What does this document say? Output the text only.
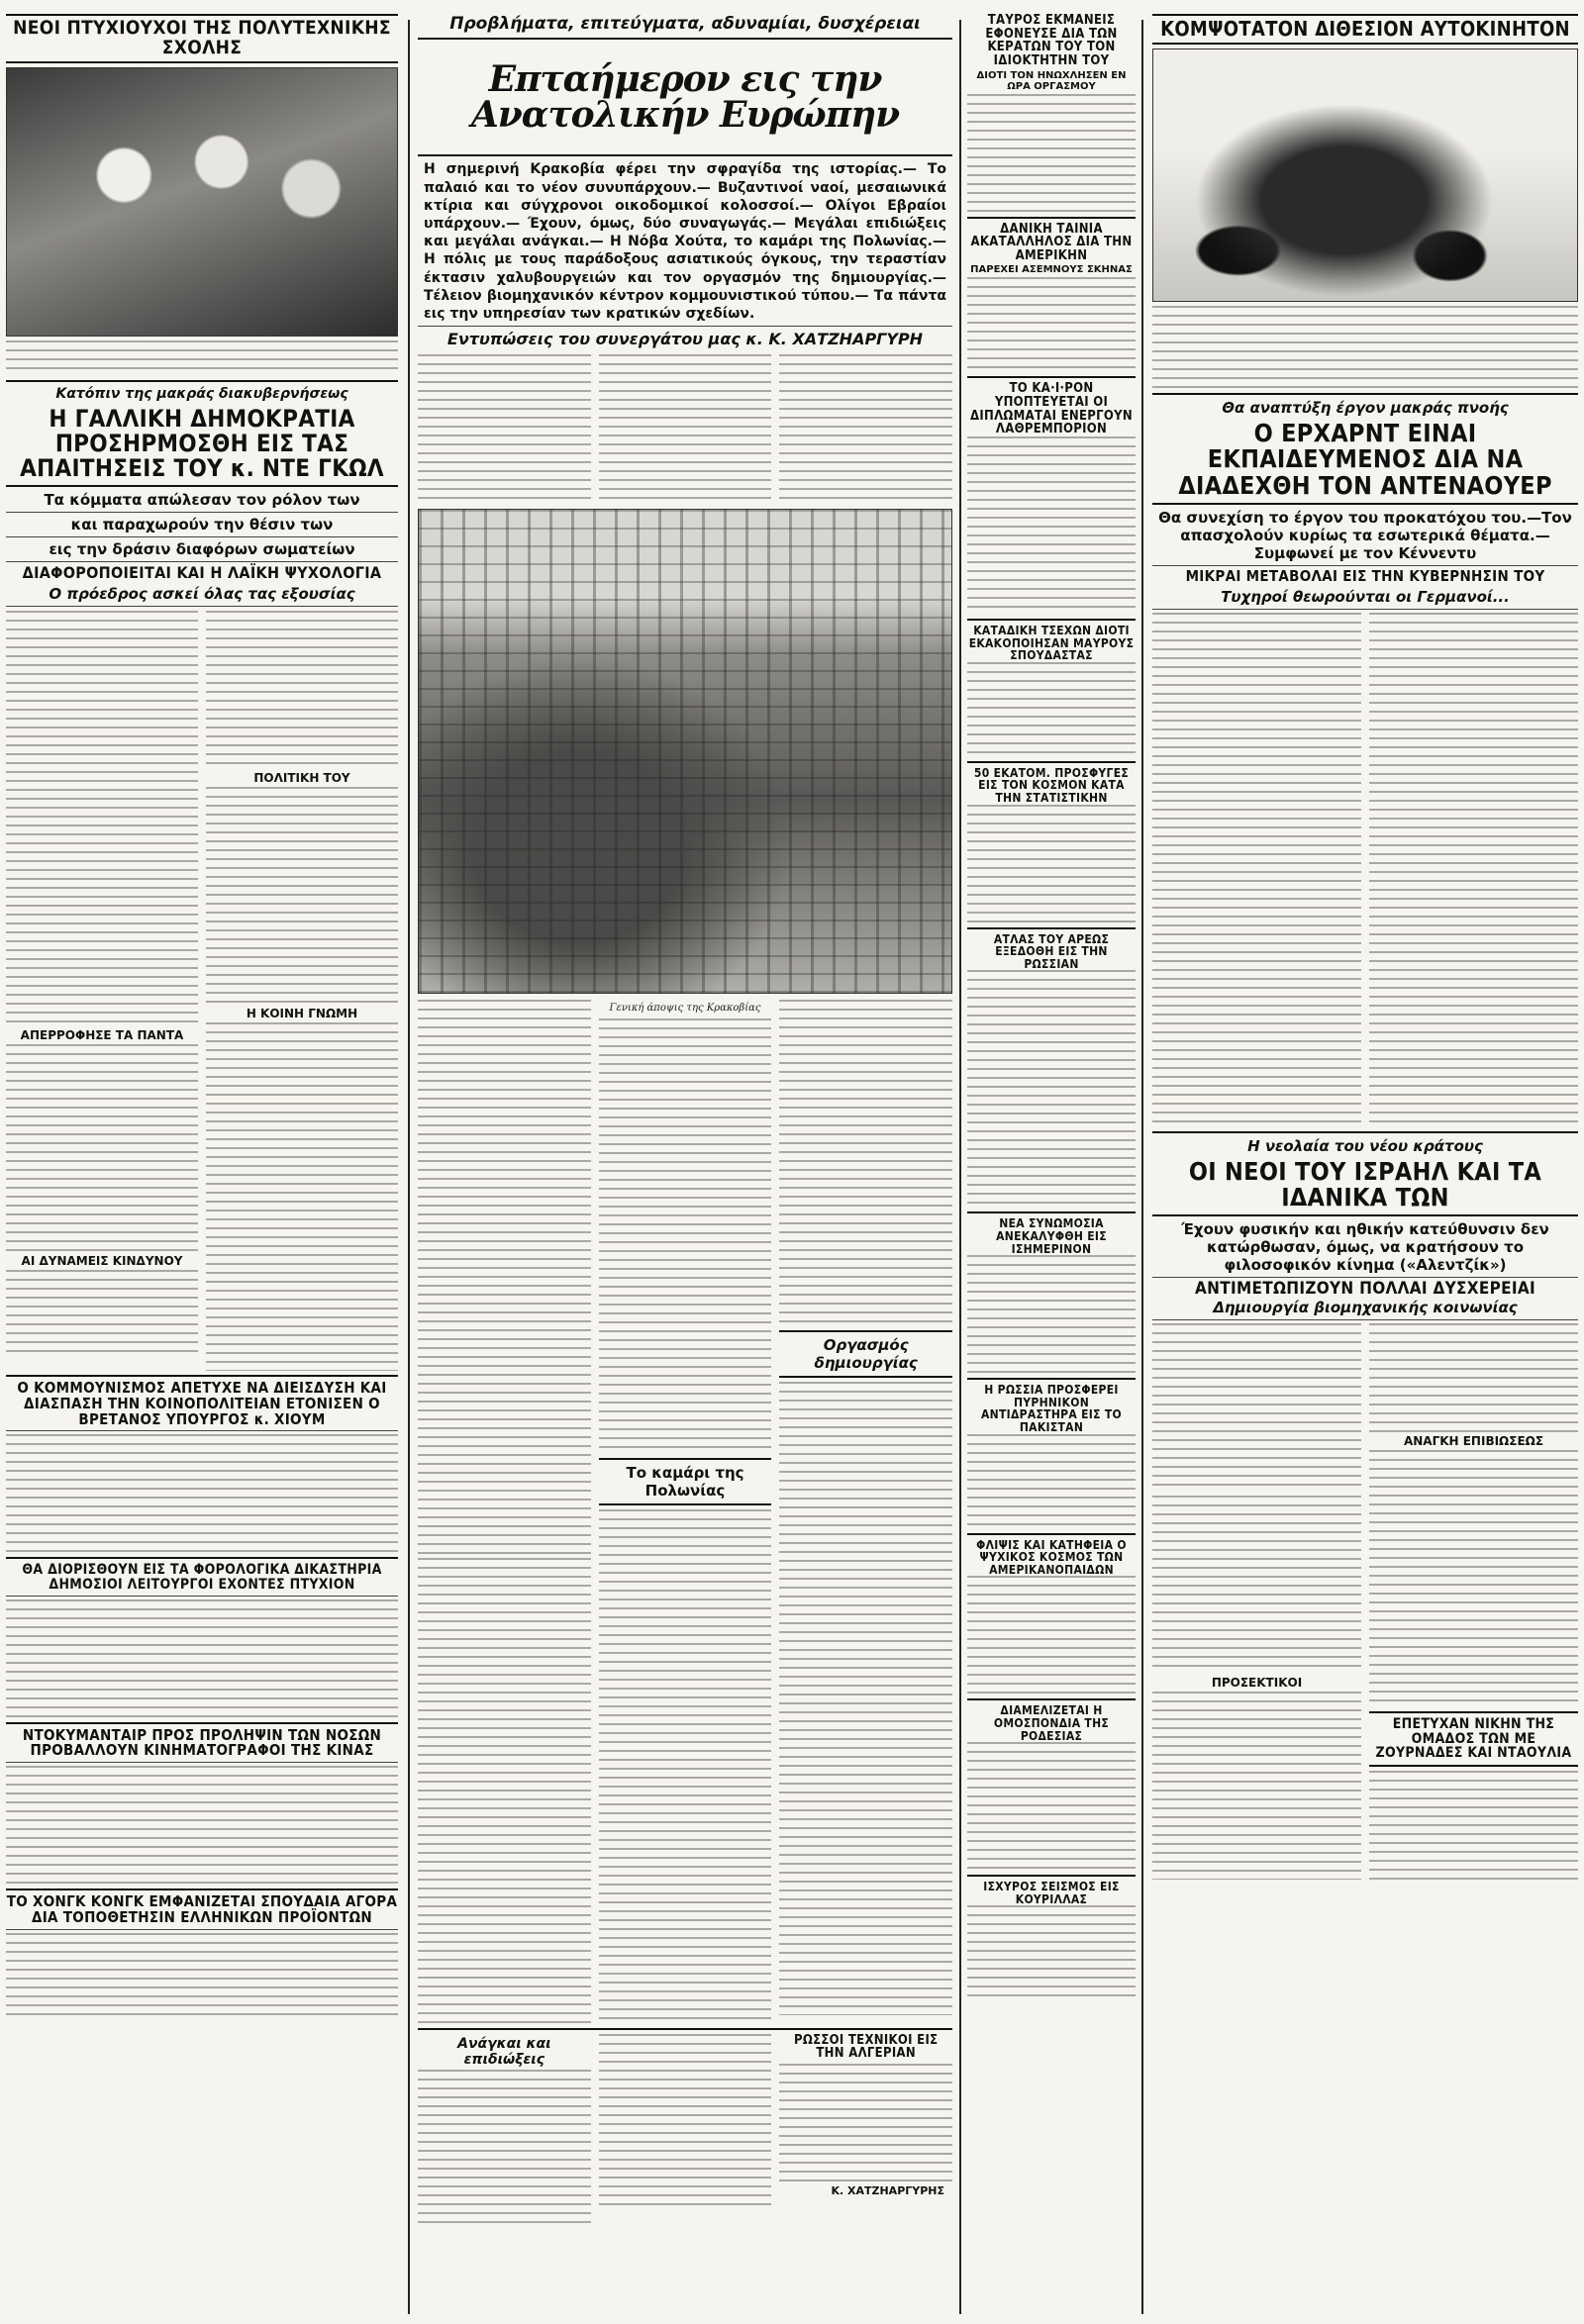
ΝΕΟΙ ΠΤΥΧΙΟΥΧΟΙ ΤΗΣ ΠΟΛΥΤΕΧΝΙΚΗΣ ΣΧΟΛΗΣ
Κατόπιν της μακράς διακυβερνήσεως
Η ΓΑΛΛΙΚΗ ΔΗΜΟΚΡΑΤΙΑ ΠΡΟΣΗΡΜΟΣΘΗ ΕΙΣ ΤΑΣ ΑΠΑΙΤΗΣΕΙΣ ΤΟΥ κ. ΝΤΕ ΓΚΩΛ
Τα κόμματα απώλεσαν τον ρόλον των
και παραχωρούν την θέσιν των
εις την δράσιν διαφόρων σωματείων
ΔΙΑΦΟΡΟΠΟΙΕΙΤΑΙ ΚΑΙ Η ΛΑΪΚΗ ΨΥΧΟΛΟΓΙΑ
Ο πρόεδρος ασκεί όλας τας εξουσίας
ΑΠΕΡΡΟΦΗΣΕ ΤΑ ΠΑΝΤΑ
ΑΙ ΔΥΝΑΜΕΙΣ ΚΙΝΔΥΝΟΥ
ΠΟΛΙΤΙΚΗ ΤΟΥ
Η ΚΟΙΝΗ ΓΝΩΜΗ
Ο ΚΟΜΜΟΥΝΙΣΜΟΣ ΑΠΕΤΥΧΕ ΝΑ ΔΙΕΙΣΔΥΣΗ ΚΑΙ ΔΙΑΣΠΑΣΗ ΤΗΝ ΚΟΙΝΟΠΟΛΙΤΕΙΑΝ ΕΤΟΝΙΣΕΝ Ο ΒΡΕΤΑΝΟΣ ΥΠΟΥΡΓΟΣ κ. ΧΙΟΥΜ
ΘΑ ΔΙΟΡΙΣΘΟΥΝ ΕΙΣ ΤΑ ΦΟΡΟΛΟΓΙΚΑ ΔΙΚΑΣΤΗΡΙΑ ΔΗΜΟΣΙΟΙ ΛΕΙΤΟΥΡΓΟΙ ΕΧΟΝΤΕΣ ΠΤΥΧΙΟΝ
ΝΤΟΚΥΜΑΝΤΑΙΡ ΠΡΟΣ ΠΡΟΛΗΨΙΝ ΤΩΝ ΝΟΣΩΝ ΠΡΟΒΑΛΛΟΥΝ ΚΙΝΗΜΑΤΟΓΡΑΦΟΙ ΤΗΣ ΚΙΝΑΣ
ΤΟ ΧΟΝΓΚ ΚΟΝΓΚ ΕΜΦΑΝΙΖΕΤΑΙ ΣΠΟΥΔΑΙΑ ΑΓΟΡΑ ΔΙΑ ΤΟΠΟΘΕΤΗΣΙΝ ΕΛΛΗΝΙΚΩΝ ΠΡΟΪΟΝΤΩΝ
Προβλήματα, επιτεύγματα, αδυναμίαι, δυσχέρειαι
Επταήμερον εις την Ανατολικήν Ευρώπην
Η σημερινή Κρακοβία φέρει την σφραγίδα της ιστορίας.— Το παλαιό και το νέον συνυπάρχουν.— Βυζαντινοί ναοί, μεσαιωνικά κτίρια και σύγχρονοι οικοδομικοί κολοσσοί.— Ολίγοι Εβραίοι υπάρχουν.— Έχουν, όμως, δύο συναγωγάς.— Μεγάλαι επιδιώξεις και μεγάλαι ανάγκαι.— Η Νόβα Χούτα, το καμάρι της Πολωνίας.— Η πόλις με τους παράδοξους ασιατικούς όγκους, την τεραστίαν έκτασιν χαλυβουργειών και τον οργασμόν της δημιουργίας.— Τέλειον βιομηχανικόν κέντρον κομμουνιστικού τύπου.— Τα πάντα εις την υπηρεσίαν των κρατικών σχεδίων.
Εντυπώσεις του συνεργάτου μας κ. Κ. ΧΑΤΖΗΑΡΓΥΡΗ
Γενική άποψις της Κρακοβίας
Το καμάρι της Πολωνίας
Οργασμός δημιουργίας
Ανάγκαι και επιδιώξεις
ΡΩΣΣΟΙ ΤΕΧΝΙΚΟΙ ΕΙΣ ΤΗΝ ΑΛΓΕΡΙΑΝ
Κ. ΧΑΤΖΗΑΡΓΥΡΗΣ
ΤΑΥΡΟΣ ΕΚΜΑΝΕΙΣ ΕΦΟΝΕΥΣΕ ΔΙΑ ΤΩΝ ΚΕΡΑΤΩΝ ΤΟΥ ΤΟΝ ΙΔΙΟΚΤΗΤΗΝ ΤΟΥ
ΔΙΟΤΙ ΤΟΝ ΗΝΩΧΛΗΣΕΝ ΕΝ ΩΡΑ ΟΡΓΑΣΜΟΥ
ΔΑΝΙΚΗ ΤΑΙΝΙΑ ΑΚΑΤΑΛΛΗΛΟΣ ΔΙΑ ΤΗΝ ΑΜΕΡΙΚΗΝ
ΠΑΡΕΧΕΙ ΑΣΕΜΝΟΥΣ ΣΚΗΝΑΣ
ΤΟ ΚΑ·Ι·ΡΟΝ ΥΠΟΠΤΕΥΕΤΑΙ ΟΙ ΔΙΠΛΩΜΑΤΑΙ ΕΝΕΡΓΟΥΝ ΛΑΘΡΕΜΠΟΡΙΟΝ
ΚΑΤΑΔΙΚΗ ΤΣΕΧΩΝ ΔΙΟΤΙ ΕΚΑΚΟΠΟΙΗΣΑΝ ΜΑΥΡΟΥΣ ΣΠΟΥΔΑΣΤΑΣ
50 ΕΚΑΤΟΜ. ΠΡΟΣΦΥΓΕΣ ΕΙΣ ΤΟΝ ΚΟΣΜΟΝ ΚΑΤΑ ΤΗΝ ΣΤΑΤΙΣΤΙΚΗΝ
ΑΤΛΑΣ ΤΟΥ ΑΡΕΩΣ ΕΞΕΔΟΘΗ ΕΙΣ ΤΗΝ ΡΩΣΣΙΑΝ
ΝΕΑ ΣΥΝΩΜΟΣΙΑ ΑΝΕΚΑΛΥΦΘΗ ΕΙΣ ΙΣΗΜΕΡΙΝΟΝ
Η ΡΩΣΣΙΑ ΠΡΟΣΦΕΡΕΙ ΠΥΡΗΝΙΚΟΝ ΑΝΤΙΔΡΑΣΤΗΡΑ ΕΙΣ ΤΟ ΠΑΚΙΣΤΑΝ
ΦΛΙΨΙΣ ΚΑΙ ΚΑΤΗΦΕΙΑ Ο ΨΥΧΙΚΟΣ ΚΟΣΜΟΣ ΤΩΝ ΑΜΕΡΙΚΑΝΟΠΑΙΔΩΝ
ΔΙΑΜΕΛΙΖΕΤΑΙ Η ΟΜΟΣΠΟΝΔΙΑ ΤΗΣ ΡΟΔΕΣΙΑΣ
ΙΣΧΥΡΟΣ ΣΕΙΣΜΟΣ ΕΙΣ ΚΟΥΡΙΛΛΑΣ
ΚΟΜΨΟΤΑΤΟΝ ΔΙΘΕΣΙΟΝ ΑΥΤΟΚΙΝΗΤΟΝ
Θα αναπτύξη έργον μακράς πνοής
Ο ΕΡΧΑΡΝΤ ΕΙΝΑΙ ΕΚΠΑΙΔΕΥΜΕΝΟΣ ΔΙΑ ΝΑ ΔΙΑΔΕΧΘΗ ΤΟΝ ΑΝΤΕΝΑΟΥΕΡ
Θα συνεχίση το έργον του προκατόχου του.—Τον απασχολούν κυρίως τα εσωτερικά θέματα.—Συμφωνεί με τον Κέννεντυ
ΜΙΚΡΑΙ ΜΕΤΑΒΟΛΑΙ ΕΙΣ ΤΗΝ ΚΥΒΕΡΝΗΣΙΝ ΤΟΥ
Τυχηροί θεωρούνται οι Γερμανοί...
Η νεολαία του νέου κράτους
ΟΙ ΝΕΟΙ ΤΟΥ ΙΣΡΑΗΛ ΚΑΙ ΤΑ ΙΔΑΝΙΚΑ ΤΩΝ
Έχουν φυσικήν και ηθικήν κατεύθυνσιν δεν κατώρθωσαν, όμως, να κρατήσουν το φιλοσοφικόν κίνημα («Αλεντζίκ»)
ΑΝΤΙΜΕΤΩΠΙΖΟΥΝ ΠΟΛΛΑΙ ΔΥΣΧΕΡΕΙΑΙ
Δημιουργία βιομηχανικής κοινωνίας
ΠΡΟΣΕΚΤΙΚΟΙ
ΑΝΑΓΚΗ ΕΠΙΒΙΩΣΕΩΣ
ΕΠΕΤΥΧΑΝ ΝΙΚΗΝ ΤΗΣ ΟΜΑΔΟΣ ΤΩΝ ΜΕ ΖΟΥΡΝΑΔΕΣ ΚΑΙ ΝΤΑΟΥΛΙΑ
